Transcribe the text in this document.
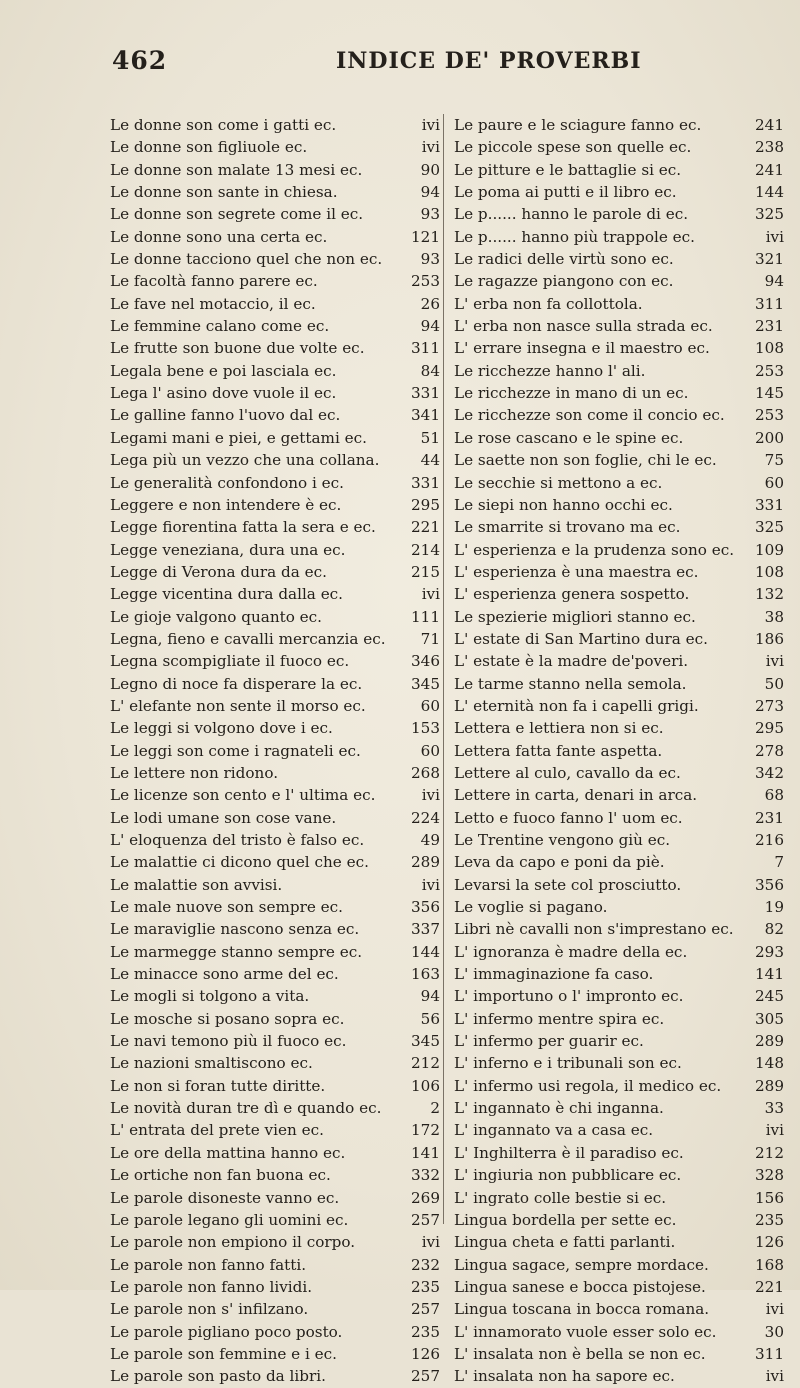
462	INDICE DE' PROVERBI
Le donne son come i gatti ec.	ivi
Le donne son figliuole ec.	ivi
Le donne son malate 13 mesi ec.	90
Le donne son sante in chiesa.	94
Le donne son segrete come il ec.	93
Le donne sono una certa ec.	121
Le donne tacciono quel che non ec.	93
Le facoltà fanno parere ec.	253
Le fave nel motaccio, il ec.	26
Le femmine calano come ec.	94
Le frutte son buone due volte ec.	311
Legala bene e poi lasciala ec.	84
Lega l' asino dove vuole il ec.	331
Le galline fanno l'uovo dal ec.	341
Legami mani e piei, e gettami ec.	51
Lega più un vezzo che una collana.	44
Le generalità confondono i ec.	331
Leggere e non intendere è ec.	295
Legge fiorentina fatta la sera e ec. 221
Legge veneziana, dura una ec.	214
Legge di Verona dura da ec.	215
Legge vicentina dura dalla ec.	ivi
Le gioje valgono quanto ec.	111
Legna, fieno e cavalli mercanzia ec. 71
Legna scompigliate il fuoco ec.	346
Legno di noce fa disperare la ec.	345
L' elefante non sente il morso ec.	60
Le leggi si volgono dove i ec.	153
Le leggi son come i ragnateli ec.	60
Le lettere non ridono.	268
Le licenze son cento e l' ultima ec.	ivi
Le lodi umane son cose vane.	224
L' eloquenza del tristo è falso ec.	49
Le malattie ci dicono quel che ec.	289
Le malattie son avvisi.	ivi
Le male nuove son sempre ec.	356
Le maraviglie nascono senza ec.	337
Le marmegge stanno sempre ec.	144
Le minacce sono arme del ec.	163
Le mogli si tolgono a vita.	94
Le mosche si posano sopra ec.	56
Le navi temono più il fuoco ec.	345
Le nazioni smaltiscono ec.	212
Le non si foran tutte diritte.	106
Le novità duran tre dì e quando ec.	2
L' entrata del prete vien ec.	172
Le ore della mattina hanno ec.	141
Le ortiche non fan buona ec.	332
Le parole disoneste vanno ec.	269
Le parole legano gli uomini ec.	257
Le parole non empiono il corpo.	ivi
Le parole non fanno fatti.	232
Le parole non fanno lividi.	235
Le parole non s' infilzano.	257
Le parole pigliano poco posto.	235
Le parole son femmine e i ec.	126
Le parole son pasto da libri.	257
Le paure e le sciagure fanno ec.	241
Le piccole spese son quelle ec.	238
Le pitture e le battaglie si ec.	241
Le poma ai putti e il libro ec.	144
Le p...... hanno le parole di ec.	325
Le p...... hanno più trappole ec.	ivi
Le radici delle virtù sono ec.	321
Le ragazze piangono con ec.	94
L' erba non fa collottola.	311
L' erba non nasce sulla strada ec.	231
L' errare insegna e il maestro ec.	108
Le ricchezze hanno l' ali.	253
Le ricchezze in mano di un ec.	145
Le ricchezze son come il concio ec. 253
Le rose cascano e le spine ec.	200
Le saette non son foglie, chi le ec.	75
Le secchie si mettono a ec.	60
Le siepi non hanno occhi ec.	331
Le smarrite si trovano ma ec.	325
L' esperienza e la prudenza sono ec. 109
L' esperienza è una maestra ec.	108
L' esperienza genera sospetto.	132
Le spezierie migliori stanno ec.	38
L' estate di San Martino dura ec.	186
L' estate è la madre de'poveri.	ivi
Le tarme stanno nella semola.	50
L' eternità non fa i capelli grigi.	273
Lettera e lettiera non si ec.	295
Lettera fatta fante aspetta.	278
Lettere al culo, cavallo da ec.	342
Lettere in carta, denari in arca.	68
Letto e fuoco fanno l' uom ec.	231
Le Trentine vengono giù ec.	216
Leva da capo e poni da piè.	7
Levarsi la sete col prosciutto.	356
Le voglie si pagano.	19
Libri nè cavalli non s'imprestano ec. 82
L' ignoranza è madre della ec.	293
L' immaginazione fa caso.	141
L' importuno o l' impronto ec.	245
L' infermo mentre spira ec.	305
L' infermo per guarir ec.	289
L' inferno e i tribunali son ec.	148
L' infermo usi regola, il medico ec. 289
L' ingannato è chi inganna.	33
L' ingannato va a casa ec.	ivi
L' Inghilterra è il paradiso ec.	212
L' ingiuria non pubblicare ec.	328
L' ingrato colle bestie si ec.	156
Lingua bordella per sette ec.	235
Lingua cheta e fatti parlanti.	126
Lingua sagace, sempre mordace.	168
Lingua sanese e bocca pistojese.	221
Lingua toscana in bocca romana.	ivi
L' innamorato vuole esser solo ec.	30
L' insalata non è bella se non ec.	311
L' insalata non ha sapore ec.	ivi
